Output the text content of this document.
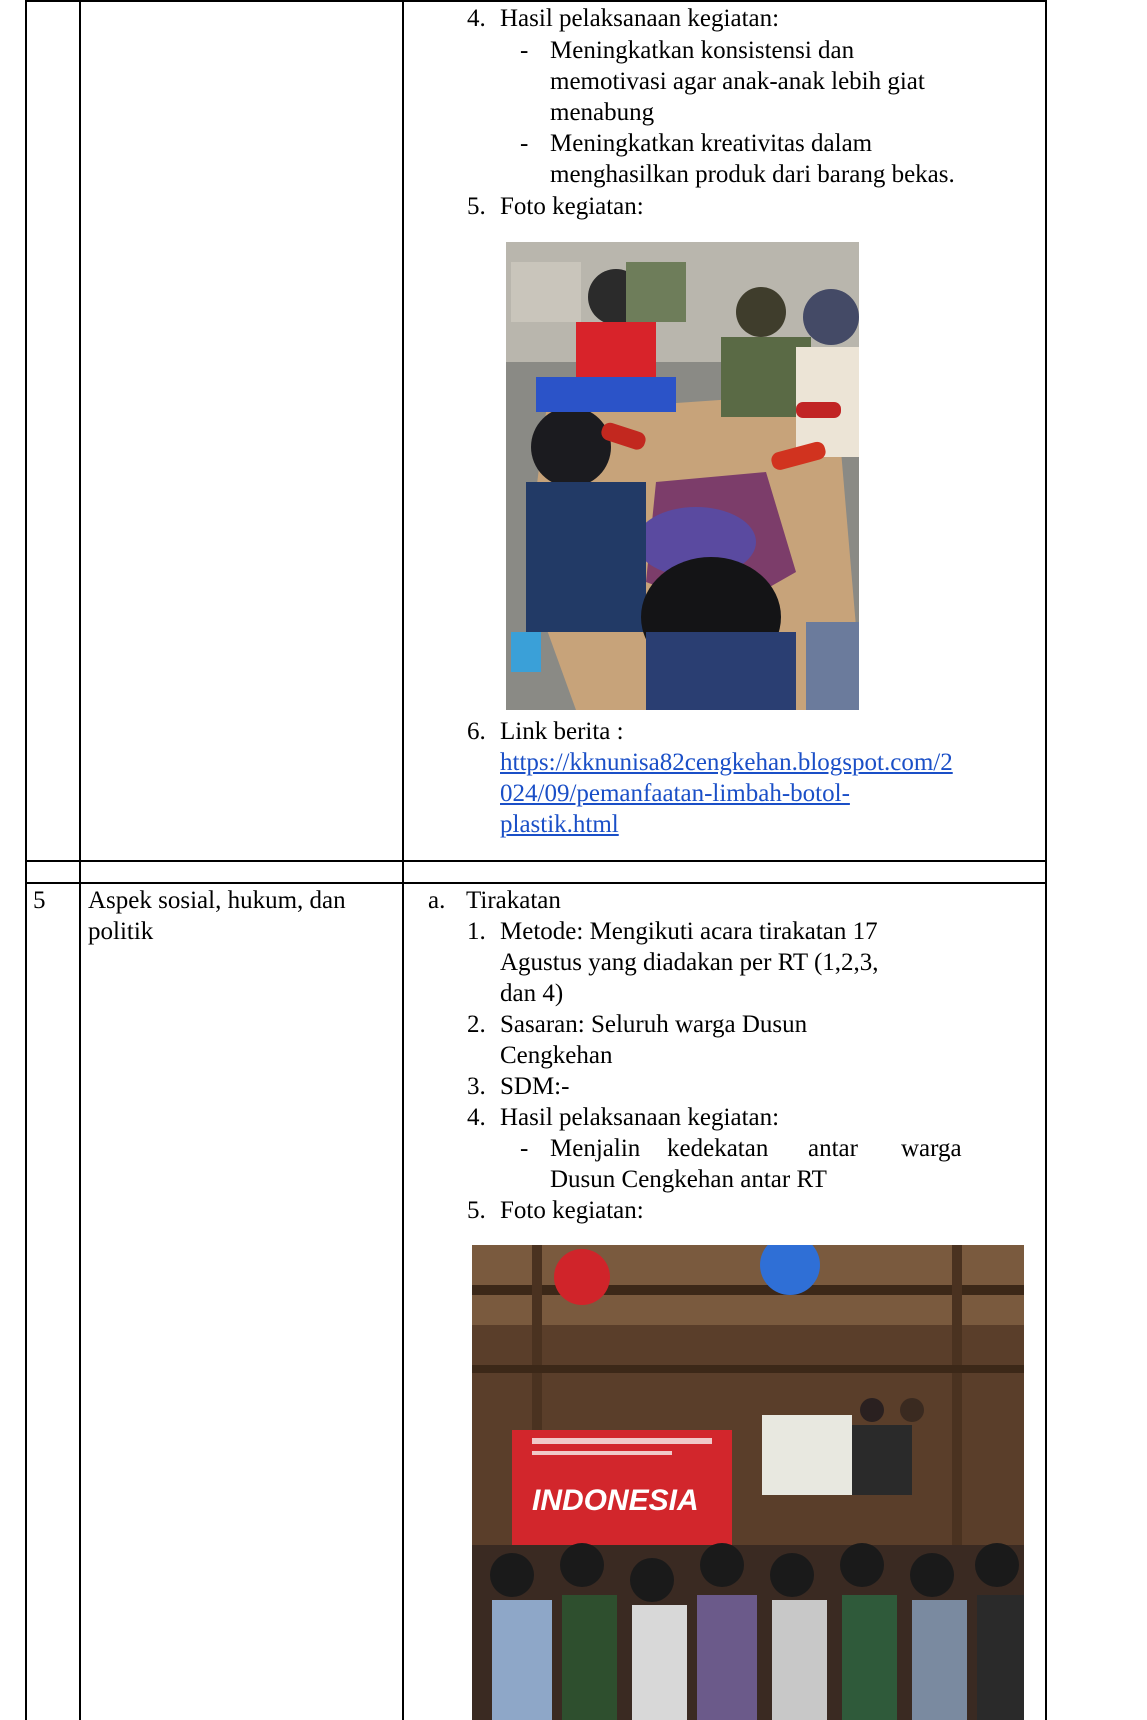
4. Hasil pelaksanaan kegiatan:
- Meningkatkan konsistensi dan
memotivasi agar anak-anak lebih giat
menabung
- Meningkatkan kreativitas dalam
menghasilkan produk dari barang bekas.
5. Foto kegiatan:
6. Link berita :
https://kknunisa82cengkehan.blogspot.com/2
024/09/pemanfaatan-limbah-botol-
plastik.html
5 Aspek sosial, hukum, dan
politik
a. Tirakatan
1. Metode: Mengikuti acara tirakatan 17
Agustus yang diadakan per RT (1,2,3,
dan 4)
2. Sasaran: Seluruh warga Dusun
Cengkehan
3. SDM:-
4. Hasil pelaksanaan kegiatan:
- Menjalin kedekatan antar warga
Dusun Cengkehan antar RT
5. Foto kegiatan:
INDONESIA
